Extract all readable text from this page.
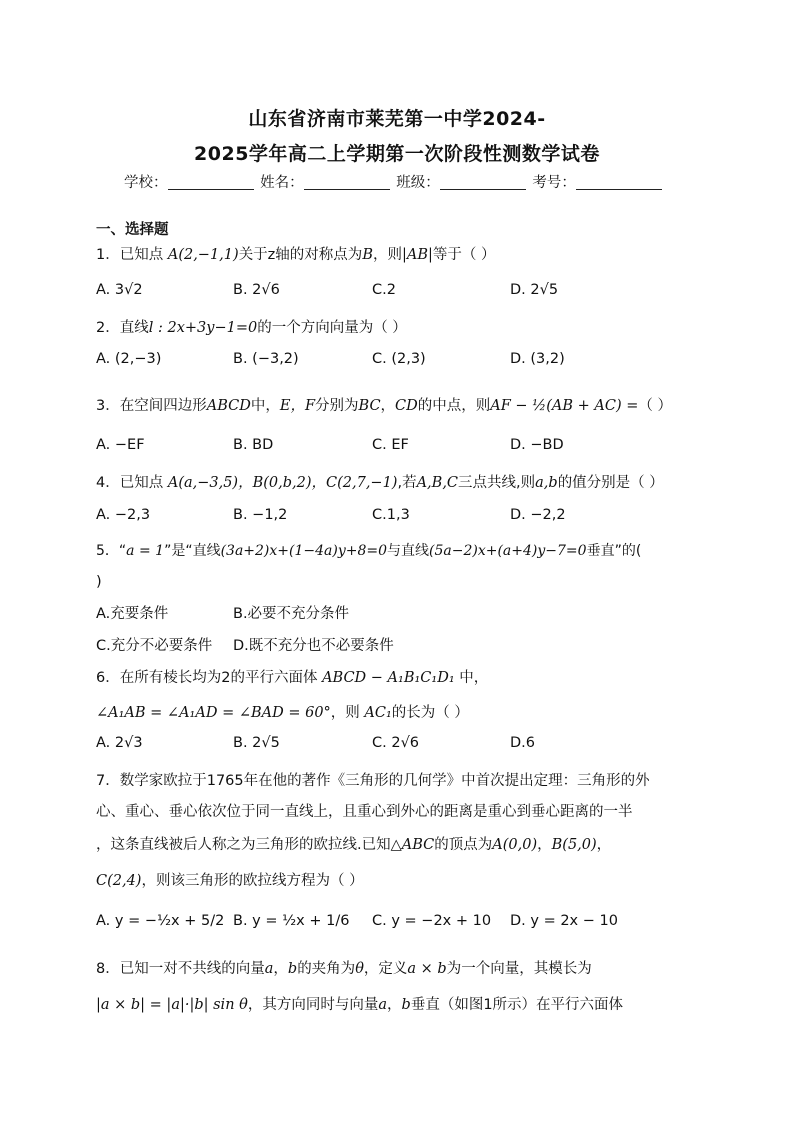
山东省济南市莱芜第一中学2024-
2025学年高二上学期第一次阶段性测数学试卷
学校：	姓名：	班级：	考号：
一、选择题
1．已知点 A(2,−1,1)关于z轴的对称点为B，则|AB|等于（ ）
A. 3√2	B. 2√6	C.2	D. 2√5
2．直线l : 2x+3y−1=0的一个方向向量为（ ）
A. (2,−3)	B. (−3,2)	C. (2,3)	D. (3,2)
3．在空间四边形ABCD中，E，F分别为BC，CD的中点，则AF − ½(AB + AC) =（ ）
A. −EF	B. BD	C. EF	D. −BD
4．已知点 A(a,−3,5)，B(0,b,2)，C(2,7,−1),若A,B,C三点共线,则a,b的值分别是（ ）
A. −2,3	B. −1,2	C.1,3	D. −2,2
5．“a = 1”是“直线(3a+2)x+(1−4a)y+8=0与直线(5a−2)x+(a+4)y−7=0垂直”的(
)
A.充要条件	B.必要不充分条件
C.充分不必要条件 D.既不充分也不必要条件
6．在所有棱长均为2的平行六面体 ABCD − A₁B₁C₁D₁ 中，
∠A₁AB = ∠A₁AD = ∠BAD = 60°，则 AC₁的长为（ ）
A. 2√3	B. 2√5	C. 2√6	D.6
7．数学家欧拉于1765年在他的著作《三角形的几何学》中首次提出定理：三角形的外
心、重心、垂心依次位于同一直线上，且重心到外心的距离是重心到垂心距离的一半
，这条直线被后人称之为三角形的欧拉线.已知△ABC的顶点为A(0,0)，B(5,0)，
C(2,4)，则该三角形的欧拉线方程为（ ）
A. y = −½x + 5/2 B. y = ½x + 1/6 C. y = −2x + 10 D. y = 2x − 10
8．已知一对不共线的向量a，b的夹角为θ，定义a × b为一个向量，其模长为
|a × b| = |a|·|b| sin θ，其方向同时与向量a，b垂直（如图1所示）在平行六面体
